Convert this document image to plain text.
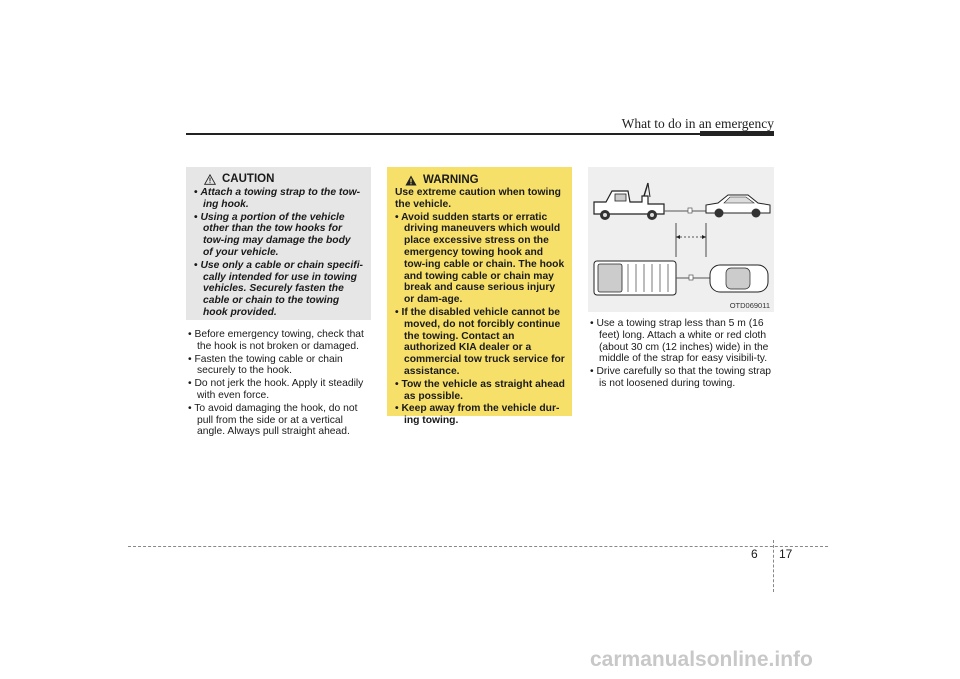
What to do in an emergency
CAUTION
• Attach a towing strap to the tow-ing hook.
• Using a portion of the vehicle other than the tow hooks for tow-ing may damage the body of your vehicle.
• Use only a cable or chain specifi-cally intended for use in towing vehicles. Securely fasten the cable or chain to the towing hook provided.
• Before emergency towing, check that the hook is not broken or damaged.
• Fasten the towing cable or chain securely to the hook.
• Do not jerk the hook. Apply it steadily with even force.
• To avoid damaging the hook, do not pull from the side or at a vertical angle. Always pull straight ahead.
WARNING
Use extreme caution when towing the vehicle.
• Avoid sudden starts or erratic driving maneuvers which would place excessive stress on the emergency towing hook and tow-ing cable or chain. The hook and towing cable or chain may break and cause serious injury or dam-age.
• If the disabled vehicle cannot be moved, do not forcibly continue the towing. Contact an authorized KIA dealer or a commercial tow truck service for assistance.
• Tow the vehicle as straight ahead as possible.
• Keep away from the vehicle dur-ing towing.
OTD069011
• Use a towing strap less than 5 m (16 feet) long. Attach a white or red cloth (about 30 cm (12 inches) wide) in the middle of the strap for easy visibili-ty.
• Drive carefully so that the towing strap is not loosened during towing.
6 17
carmanualsonline.info
